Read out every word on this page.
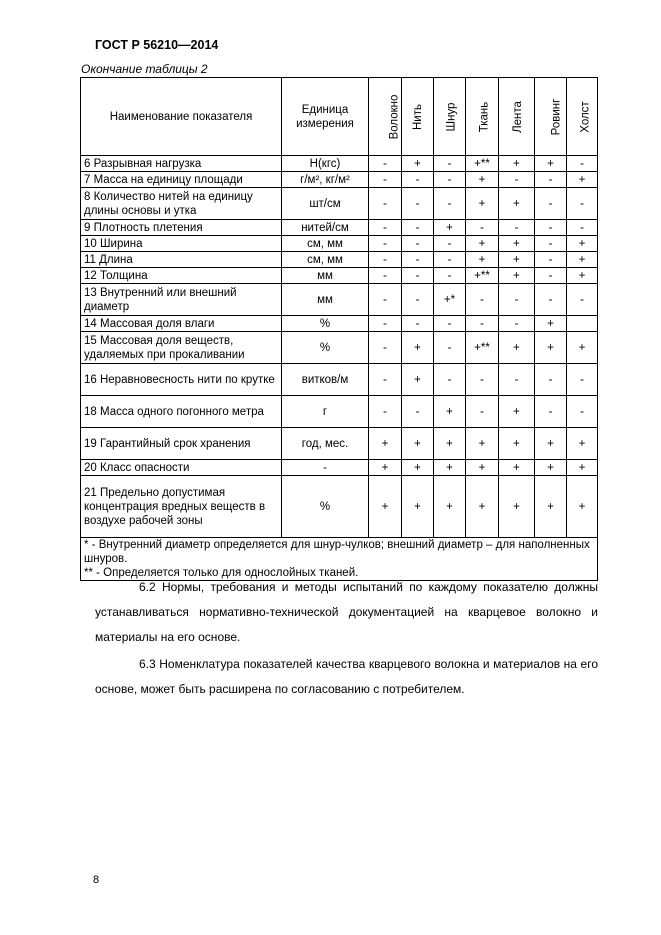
ГОСТ Р 56210—2014
Окончание таблицы 2
Наименование показателя	Единица измерения	Волокно	Нить	Шнур	Ткань	Лента	Ровинг	Холст
6 Разрывная нагрузка	Н(кгс)	-	+	-	+**	+	+	-
7 Масса на единицу площади	г/м², кг/м²	-	-	-	+	-	-	+
8 Количество нитей на единицу длины основы и утка	шт/см	-	-	-	+	+	-	-
9 Плотность плетения	нитей/см	-	-	+	-	-	-	-
10 Ширина	см, мм	-	-	-	+	+	-	+
11 Длина	см, мм	-	-	-	+	+	-	+
12 Толщина	мм	-	-	-	+**	+	-	+
13 Внутренний или внешний диаметр	мм	-	-	+*	-	-	-	-
14 Массовая доля влаги	%	-	-	-	-	-	+	
15 Массовая доля веществ, удаляемых при прокаливании	%	-	+	-	+**	+	+	+
16 Неравновесность нити по крутке	витков/м	-	+	-	-	-	-	-
18 Масса одного погонного метра	г	-	-	+	-	+	-	-
19 Гарантийный срок хранения	год, мес.	+	+	+	+	+	+	+
20 Класс опасности	-	+	+	+	+	+	+	+
21 Предельно допустимая концентрация вредных веществ в воздухе рабочей зоны	%	+	+	+	+	+	+	+

* - Внутренний диаметр определяется для шнур-чулков; внешний диаметр – для наполненных шнуров.
** - Определяется только для однослойных тканей.								
6.2 Нормы, требования и методы испытаний по каждому показателю должны устанавливаться нормативно-технической документацией на кварцевое волокно и материалы на его основе.
6.3 Номенклатура показателей качества кварцевого волокна и материалов на его основе, может быть расширена по согласованию с потребителем.
8
